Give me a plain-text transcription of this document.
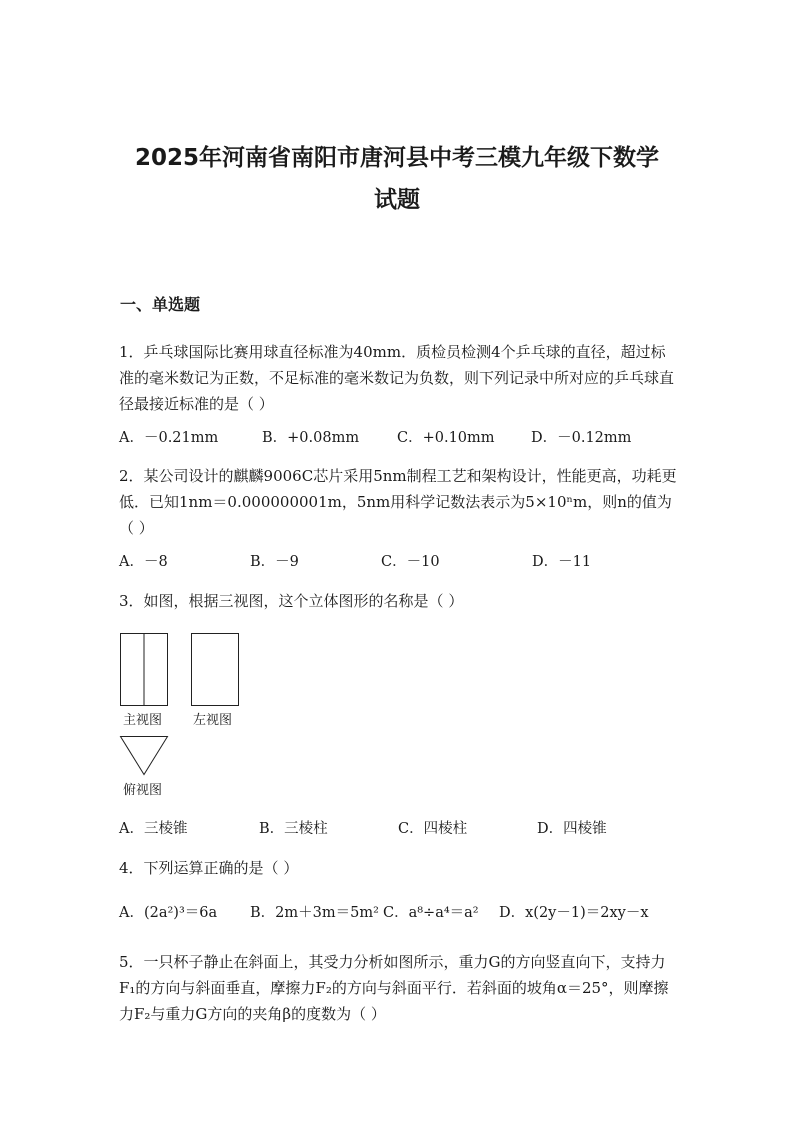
2025年河南省南阳市唐河县中考三模九年级下数学
试题
一、单选题
1．乒乓球国际比赛用球直径标准为40mm．质检员检测4个乒乓球的直径，超过标准的毫米数记为正数，不足标准的毫米数记为负数，则下列记录中所对应的乒乓球直径最接近标准的是（ ）
A．－0.21mm	B．+0.08mm	C．+0.10mm	D．－0.12mm
2．某公司设计的麒麟9006C芯片采用5nm制程工艺和架构设计，性能更高，功耗更低．已知1nm＝0.000000001m，5nm用科学记数法表示为5×10ⁿm，则n的值为（ ）
A．－8	B．－9	C．－10	D．－11
3．如图，根据三视图，这个立体图形的名称是（ ）
主视图 左视图
俯视图
A．三棱锥	B．三棱柱	C．四棱柱	D．四棱锥
4．下列运算正确的是（ ）
A．(2a²)³＝6a B．2m＋3m＝5m² C．a⁸÷a⁴＝a² D．x(2y－1)＝2xy－x
5．一只杯子静止在斜面上，其受力分析如图所示，重力G的方向竖直向下，支持力F₁的方向与斜面垂直，摩擦力F₂的方向与斜面平行．若斜面的坡角α＝25°，则摩擦力F₂与重力G方向的夹角β的度数为（ ）
